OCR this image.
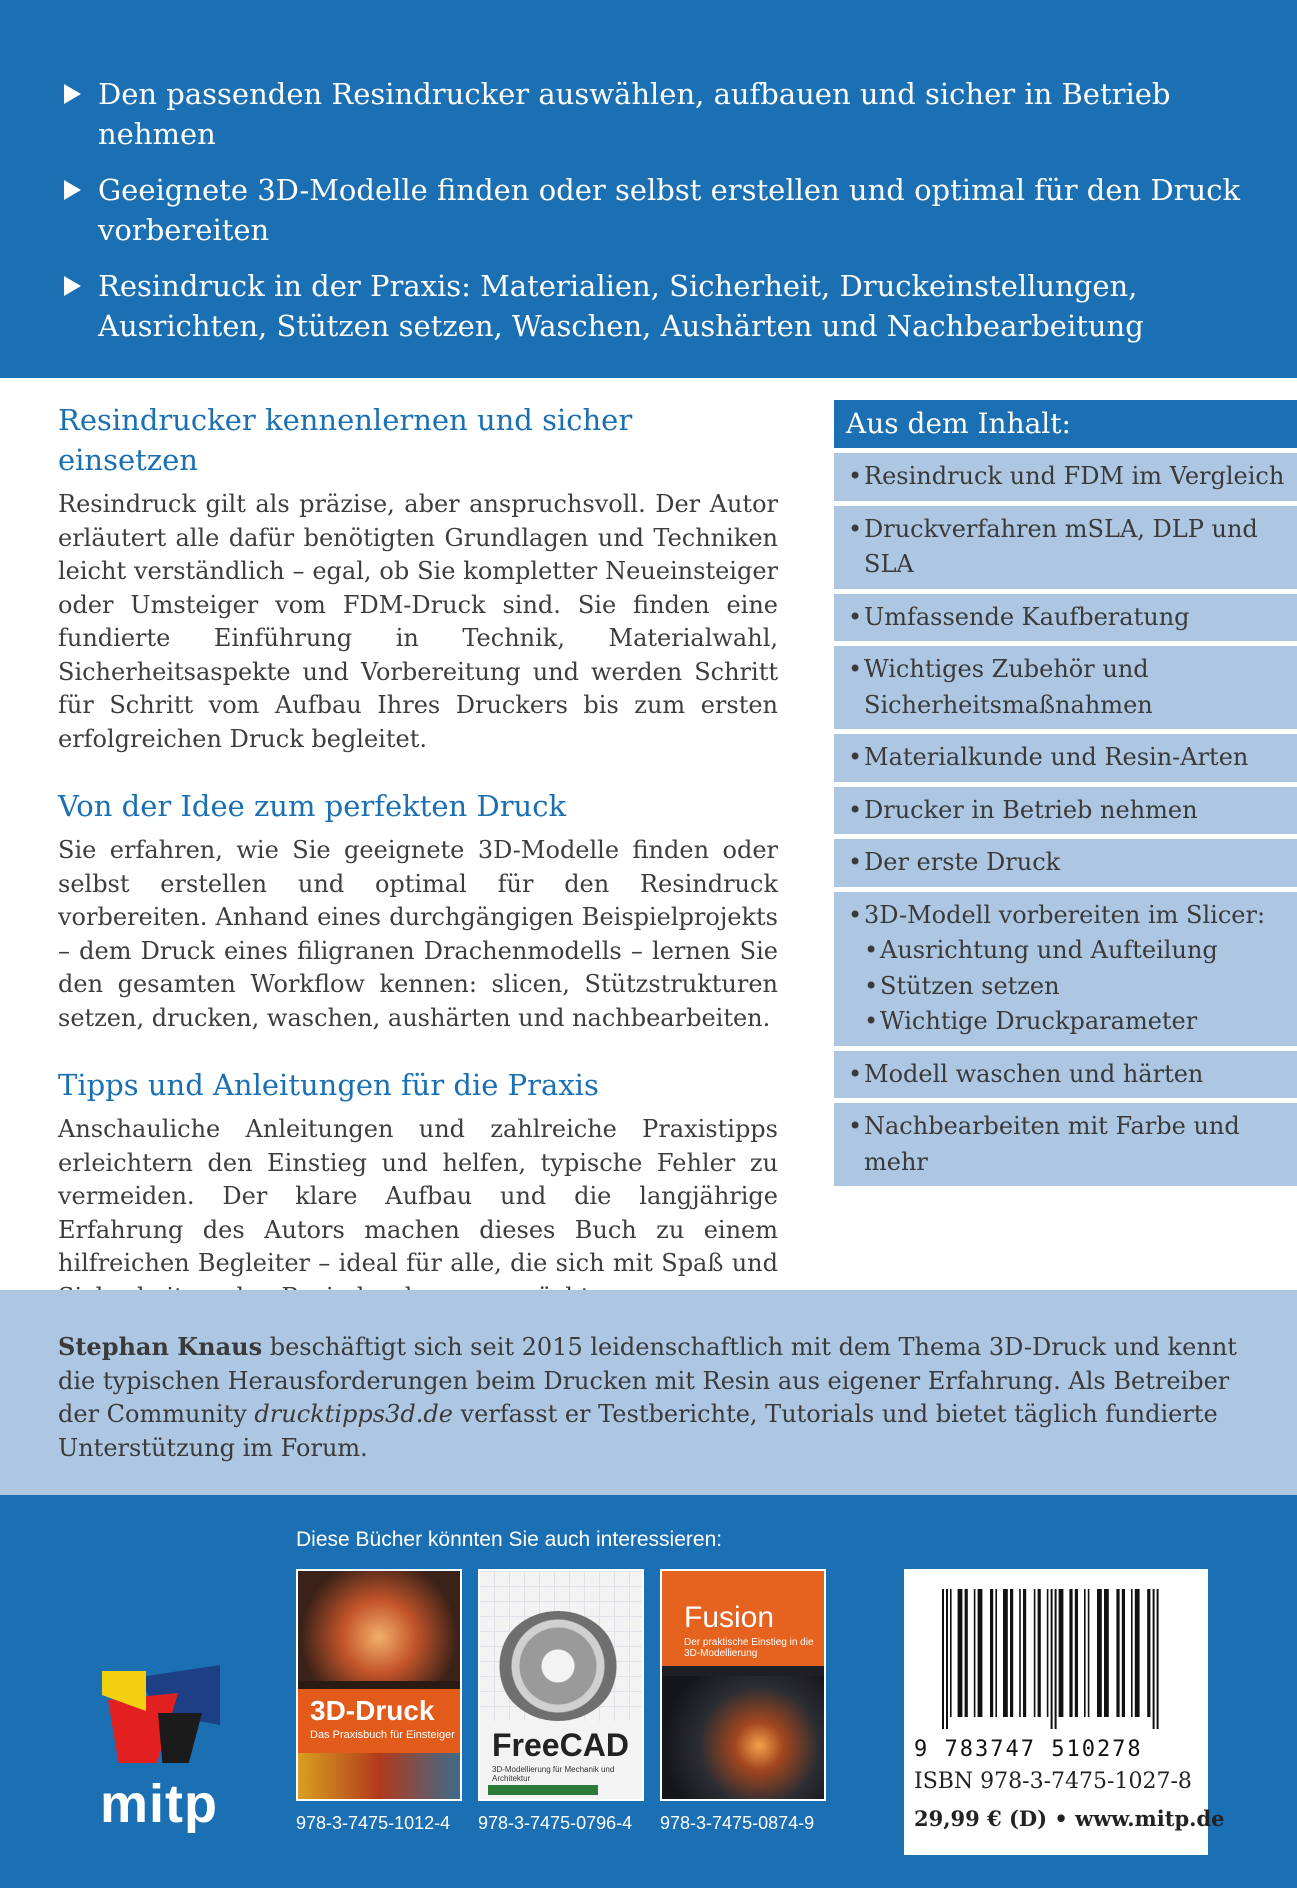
Den passenden Resindrucker auswählen, aufbauen und sicher in Betrieb nehmen
Geeignete 3D-Modelle finden oder selbst erstellen und optimal für den Druck vorbereiten
Resindruck in der Praxis: Materialien, Sicherheit, Druckeinstellungen, Ausrichten, Stützen setzen, Waschen, Aushärten und Nachbearbeitung
Resindrucker kennenlernen und sicher einsetzen

Resindruck gilt als präzise, aber anspruchsvoll. Der Autor erläutert alle dafür benötigten Grundlagen und Techniken leicht verständlich – egal, ob Sie kompletter Neueinsteiger oder Umsteiger vom FDM-Druck sind. Sie finden eine fundierte Einführung in Technik, Materialwahl, Sicherheitsaspekte und Vorbereitung und werden Schritt für Schritt vom Aufbau Ihres Druckers bis zum ersten erfolgreichen Druck begleitet.

Von der Idee zum perfekten Druck

Sie erfahren, wie Sie geeignete 3D-Modelle finden oder selbst erstellen und optimal für den Resindruck vorbereiten. Anhand eines durchgängigen Beispielprojekts – dem Druck eines filigranen Drachenmodells – lernen Sie den gesamten Workflow kennen: slicen, Stützstrukturen setzen, drucken, waschen, aushärten und nachbearbeiten.

Tipps und Anleitungen für die Praxis

Anschauliche Anleitungen und zahlreiche Praxistipps erleichtern den Einstieg und helfen, typische Fehler zu vermeiden. Der klare Aufbau und die langjährige Erfahrung des Autors machen dieses Buch zu einem hilfreichen Begleiter – ideal für alle, die sich mit Spaß und

Aus dem Inhalt:
• Resindruck und FDM im Vergleich
• Druckverfahren mSLA, DLP und SLA
• Umfassende Kaufberatung
• Wichtiges Zubehör und Sicherheitsmaßnahmen
• Materialkunde und Resin-Arten
• Drucker in Betrieb nehmen
• Der erste Druck
• 3D-Modell vorbereiten im Slicer:
• Ausrichtung und Aufteilung
• Stützen setzen
• Wichtige Druckparameter
• Modell waschen und härten
• Nachbearbeiten mit Farbe und mehr
Stephan Knaus beschäftigt sich seit 2015 leidenschaftlich mit dem Thema 3D-Druck und kennt die typischen Herausforderungen beim Drucken mit Resin aus eigener Erfahrung. Als Betreiber der Community drucktipps3d.de verfasst er Testberichte, Tutorials und bietet täglich fundierte Unterstützung im Forum.
Diese Bücher könnten Sie auch interessieren:
mitp
3D-Druck
Das Praxisbuch für Einsteiger
978-3-7475-1012-4
FreeCAD
3D-Modellierung für Mechanik und Architektur
978-3-7475-0796-4
Fusion
Der praktische Einstieg in die 3D-Modellierung
978-3-7475-0874-9
9 783747 510278
ISBN 978-3-7475-1027-8
29,99 € (D) • www.mitp.de
